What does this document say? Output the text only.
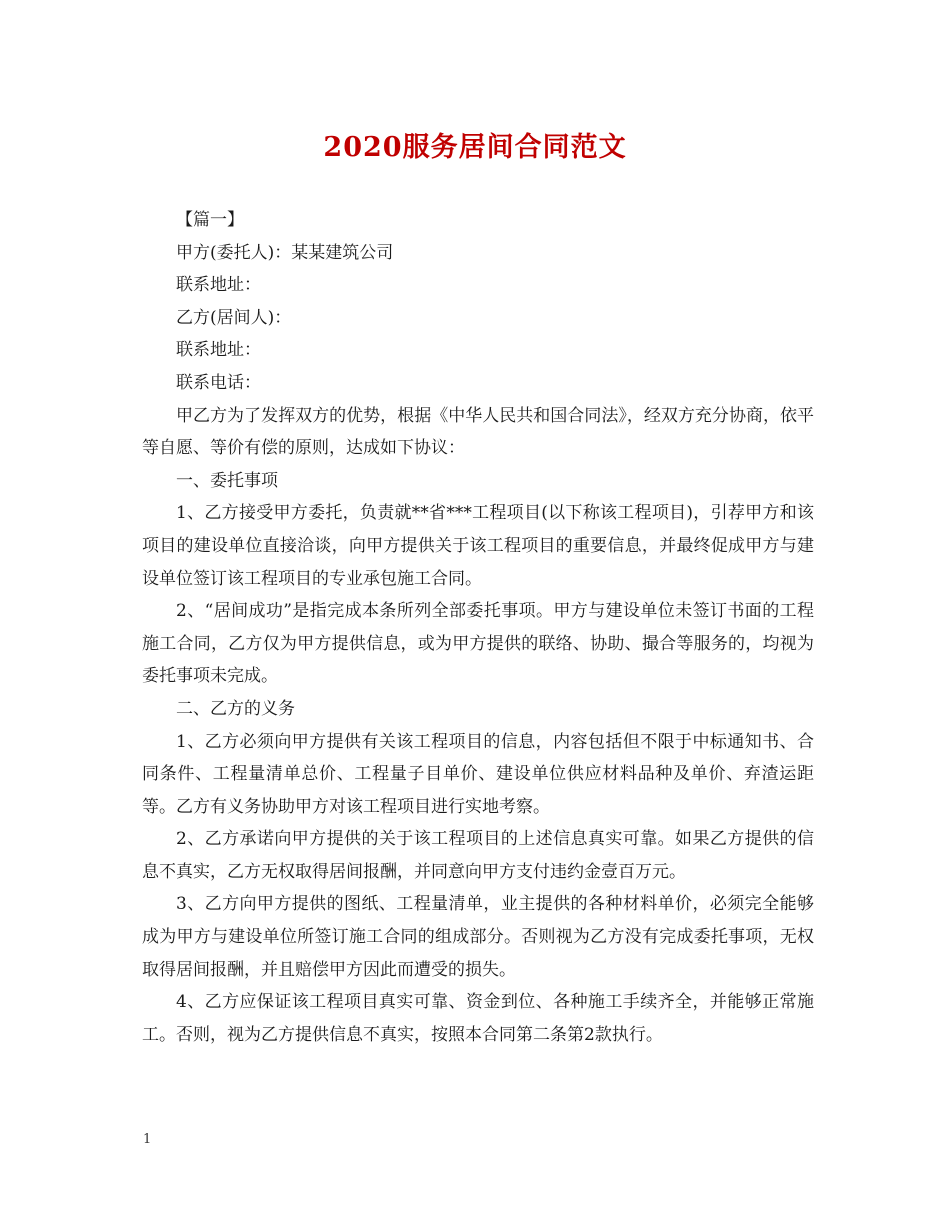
2020服务居间合同范文

【篇一】

甲方(委托人)：某某建筑公司

联系地址：

乙方(居间人)：

联系地址：

联系电话：

甲乙方为了发挥双方的优势，根据《中华人民共和国合同法》，经双方充分协商，依平等自愿、等价有偿的原则，达成如下协议：

一、委托事项

1、乙方接受甲方委托，负责就**省***工程项目(以下称该工程项目)，引荐甲方和该项目的建设单位直接洽谈，向甲方提供关于该工程项目的重要信息，并最终促成甲方与建设单位签订该工程项目的专业承包施工合同。

2、“居间成功”是指完成本条所列全部委托事项。甲方与建设单位未签订书面的工程施工合同，乙方仅为甲方提供信息，或为甲方提供的联络、协助、撮合等服务的，均视为委托事项未完成。

二、乙方的义务

1、乙方必须向甲方提供有关该工程项目的信息，内容包括但不限于中标通知书、合同条件、工程量清单总价、工程量子目单价、建设单位供应材料品种及单价、弃渣运距等。乙方有义务协助甲方对该工程项目进行实地考察。

2、乙方承诺向甲方提供的关于该工程项目的上述信息真实可靠。如果乙方提供的信息不真实，乙方无权取得居间报酬，并同意向甲方支付违约金壹百万元。

3、乙方向甲方提供的图纸、工程量清单，业主提供的各种材料单价，必须完全能够成为甲方与建设单位所签订施工合同的组成部分。否则视为乙方没有完成委托事项，无权取得居间报酬，并且赔偿甲方因此而遭受的损失。

4、乙方应保证该工程项目真实可靠、资金到位、各种施工手续齐全，并能够正常施工。否则，视为乙方提供信息不真实，按照本合同第二条第2款执行。

1
